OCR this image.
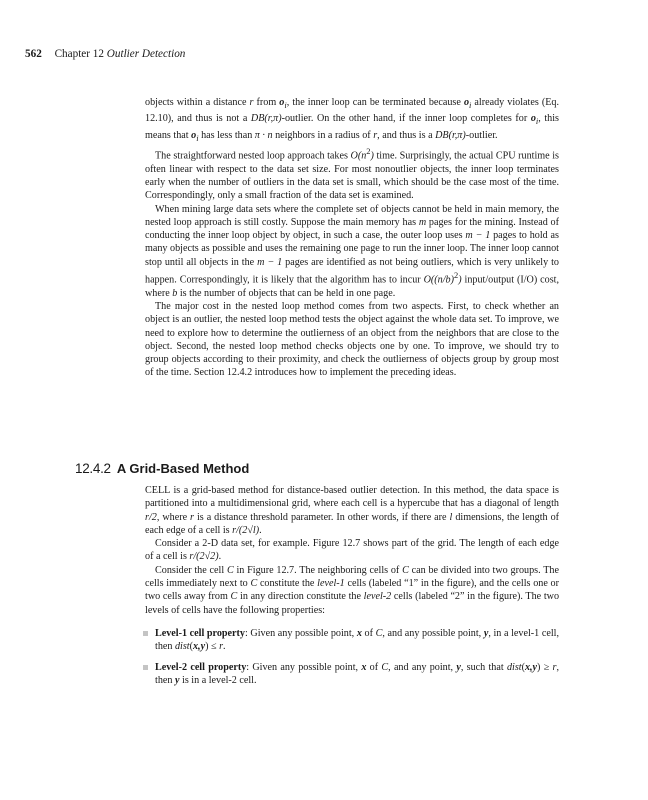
562 Chapter 12 Outlier Detection

objects within a distance r from $o_i$, the inner loop can be terminated because $o_i$ already violates (Eq. 12.10), and thus is not a DB(r,π)-outlier. On the other hand, if the inner loop completes for $o_i$, this means that $o_i$ has less than π · n neighbors in a radius of r, and thus is a DB(r,π)-outlier.

The straightforward nested loop approach takes $O(n^2)$ time. Surprisingly, the actual CPU runtime is often linear with respect to the data set size. For most nonoutlier objects, the inner loop terminates early when the number of outliers in the data set is small, which should be the case most of the time. Correspondingly, only a small fraction of the data set is examined.

When mining large data sets where the complete set of objects cannot be held in main memory, the nested loop approach is still costly. Suppose the main memory has m pages for the mining. Instead of conducting the inner loop object by object, in such a case, the outer loop uses m − 1 pages to hold as many objects as possible and uses the remaining one page to run the inner loop. The inner loop cannot stop until all objects in the m − 1 pages are identified as not being outliers, which is very unlikely to happen. Correspondingly, it is likely that the algorithm has to incur $O((n/b)^2)$ input/output (I/O) cost, where b is the number of objects that can be held in one page.

The major cost in the nested loop method comes from two aspects. First, to check whether an object is an outlier, the nested loop method tests the object against the whole data set. To improve, we need to explore how to determine the outlierness of an object from the neighbors that are close to the object. Second, the nested loop method checks objects one by one. To improve, we should try to group objects according to their proximity, and check the outlierness of objects group by group most of the time. Section 12.4.2 introduces how to implement the preceding ideas.

12.4.2 A Grid-Based Method

CELL is a grid-based method for distance-based outlier detection. In this method, the data space is partitioned into a multidimensional grid, where each cell is a hypercube that has a diagonal of length r/2, where r is a distance threshold parameter. In other words, if there are l dimensions, the length of each edge of a cell is r/(2√l).

Consider a 2-D data set, for example. Figure 12.7 shows part of the grid. The length of each edge of a cell is r/(2√2).

Consider the cell C in Figure 12.7. The neighboring cells of C can be divided into two groups. The cells immediately next to C constitute the level-1 cells (labeled “1” in the figure), and the cells one or two cells away from C in any direction constitute the level-2 cells (labeled “2” in the figure). The two levels of cells have the following properties:

Level-1 cell property: Given any possible point, x of C, and any possible point, y, in a level-1 cell, then dist(x,y) ≤ r.
Level-2 cell property: Given any possible point, x of C, and any point, y, such that dist(x,y) ≥ r, then y is in a level-2 cell.
